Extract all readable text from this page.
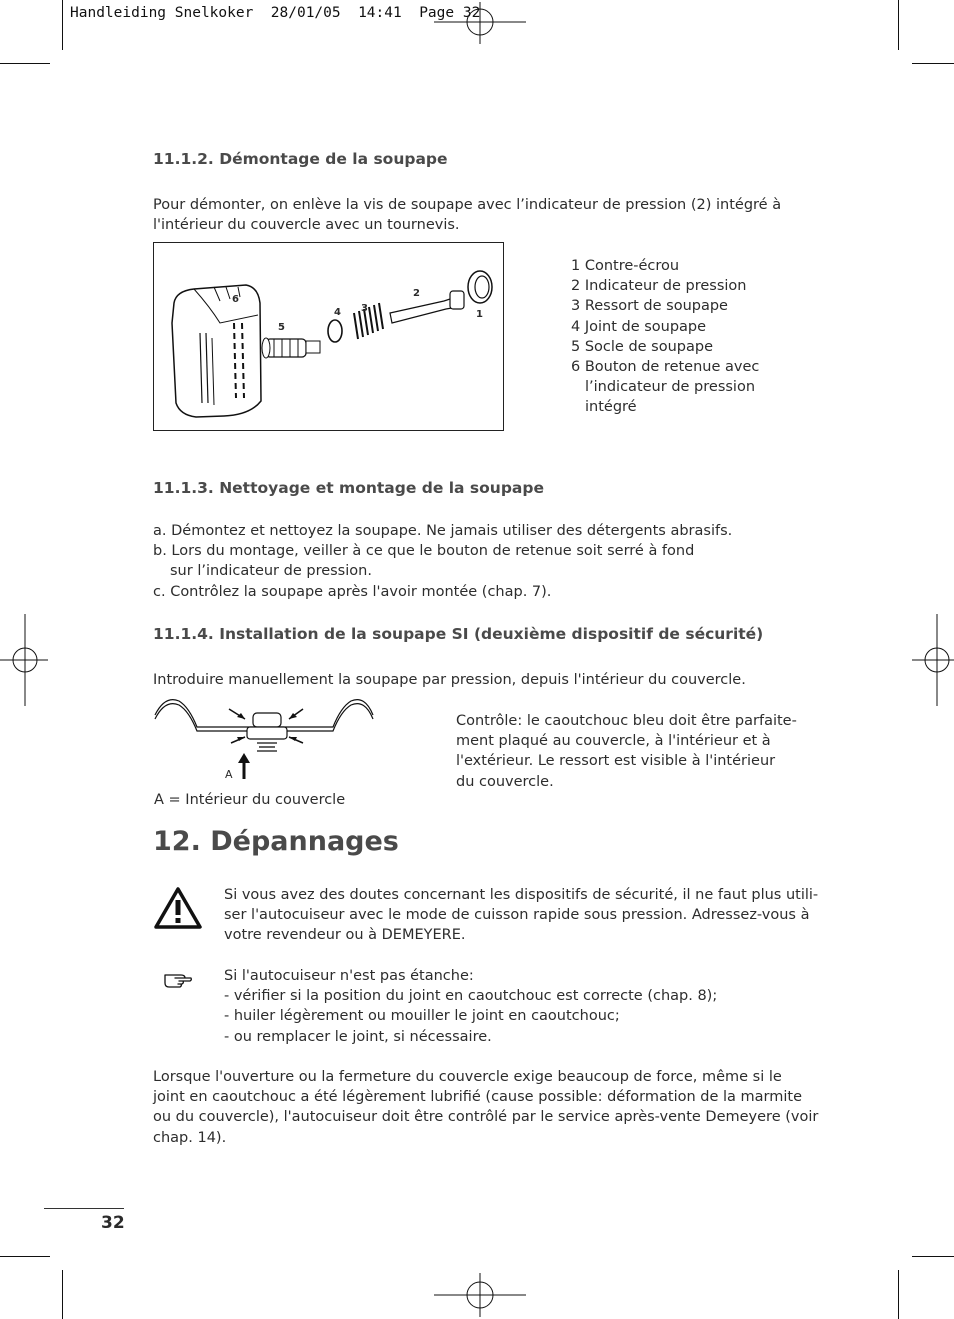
Handleiding Snelkoker  28/01/05  14:41  Page 32
11.1.2. Démontage de la soupape
Pour démonter, on enlève la vis de soupape avec l’indicateur de pression (2) intégré à
l'intérieur du couvercle avec un tournevis.
6
5
4 3
2
1
1 Contre-écrou
2 Indicateur de pression
3 Ressort de soupape
4 Joint de soupape
5 Socle de soupape
6 Bouton de retenue avec
l’indicateur de pression
intégré
11.1.3. Nettoyage et montage de la soupape
a. Démontez et nettoyez la soupape. Ne jamais utiliser des détergents abrasifs.
b. Lors du montage, veiller à ce que le bouton de retenue soit serré à fond
sur l’indicateur de pression.
c. Contrôlez la soupape après l'avoir montée (chap. 7).
11.1.4. Installation de la soupape SI (deuxième dispositif de sécurité)
Introduire manuellement la soupape par pression, depuis l'intérieur du couvercle.
A
A = Intérieur du couvercle
Contrôle: le caoutchouc bleu doit être parfaite-
ment plaqué au couvercle, à l'intérieur et à
l'extérieur. Le ressort est visible à l'intérieur
du couvercle.
12. Dépannages
Si vous avez des doutes concernant les dispositifs de sécurité, il ne faut plus utili-
ser l'autocuiseur avec le mode de cuisson rapide sous pression. Adressez-vous à
votre revendeur ou à DEMEYERE.
Si l'autocuiseur n'est pas étanche:
- vérifier si la position du joint en caoutchouc est correcte (chap. 8);
- huiler légèrement ou mouiller le joint en caoutchouc;
- ou remplacer le joint, si nécessaire.
Lorsque l'ouverture ou la fermeture du couvercle exige beaucoup de force, même si le
joint en caoutchouc a été légèrement lubrifié (cause possible: déformation de la marmite
ou du couvercle), l'autocuiseur doit être contrôlé par le service après-vente Demeyere (voir
chap. 14).
32
